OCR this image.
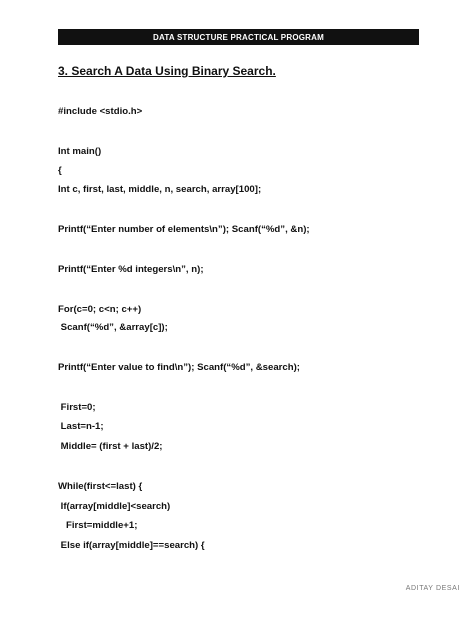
DATA STRUCTURE PRACTICAL PROGRAM
3. Search A Data Using Binary Search.
#include <stdio.h>
Int main()
{
Int c, first, last, middle, n, search, array[100];
Printf(“Enter number of elements\n”); Scanf(“%d”, &n);
Printf(“Enter %d integers\n”, n);
For(c=0; c<n; c++)
Scanf(“%d”, &array[c]);
Printf(“Enter value to find\n”); Scanf(“%d”, &search);
First=0;
Last=n-1;
Middle= (first + last)/2;
While(first<=last) {
If(array[middle]<search)
First=middle+1;
Else if(array[middle]==search) {
ADITAY DESAI
